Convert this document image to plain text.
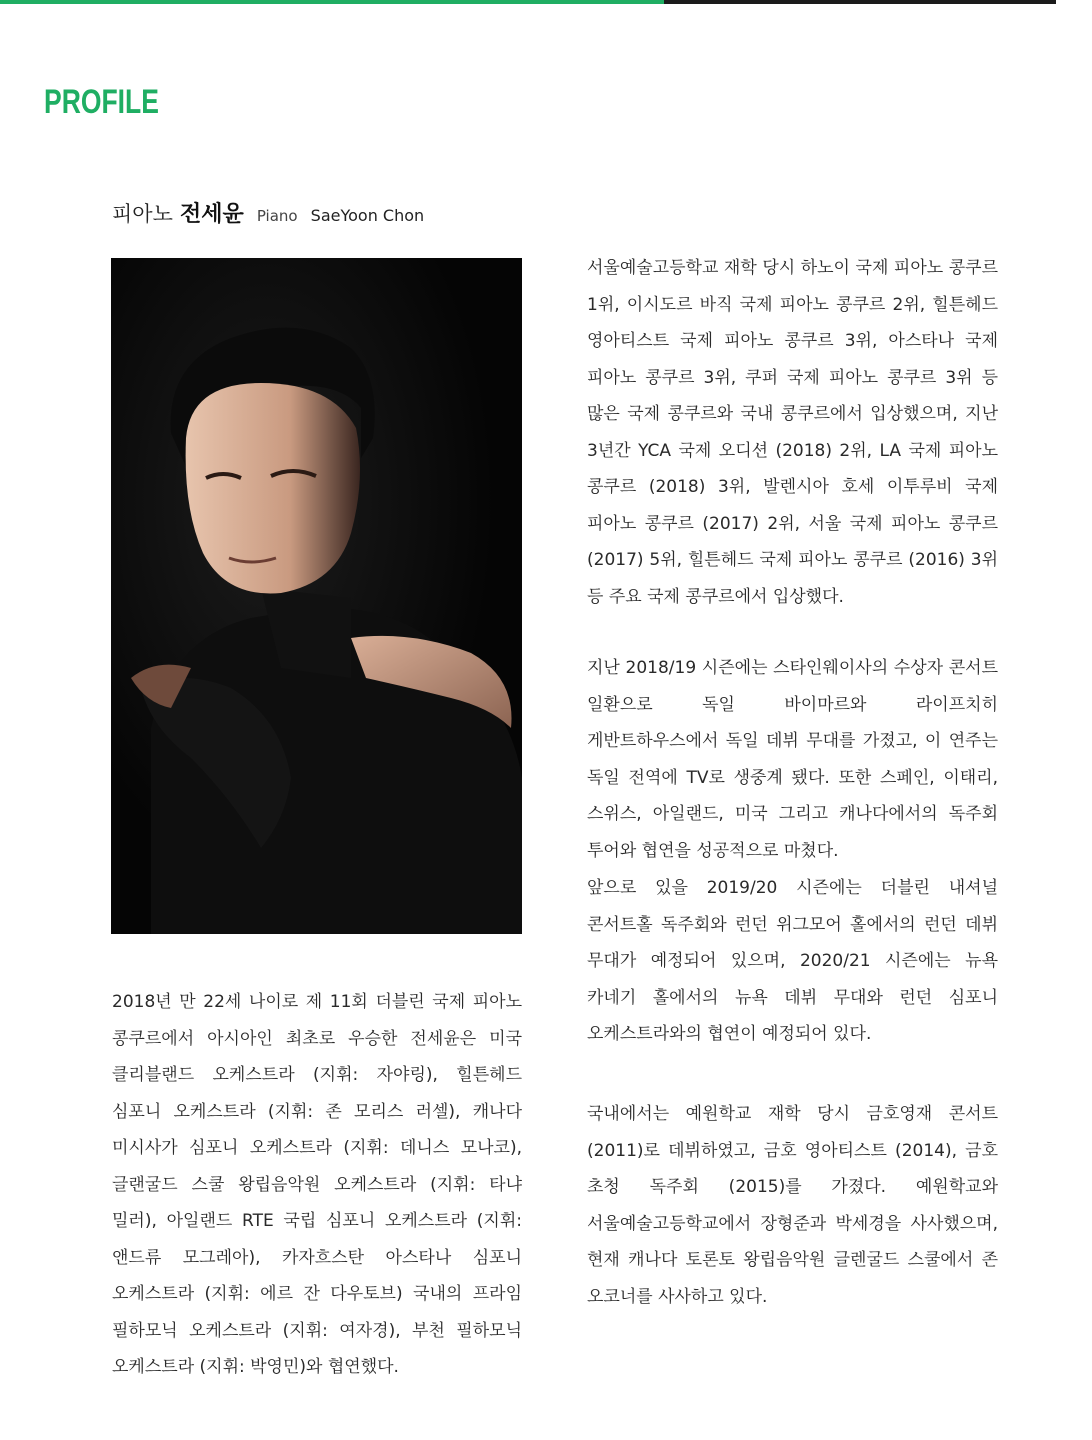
PROFILE
피아노 전세윤 Piano SaeYoon Chon

2018년 만 22세 나이로 제 11회 더블린 국제 피아노 콩쿠르에서 아시아인 최초로 우승한 전세윤은 미국 클리블랜드 오케스트라 (지휘: 자야링), 힐튼헤드 심포니 오케스트라 (지휘: 존 모리스 러셀), 캐나다 미시사가 심포니 오케스트라 (지휘: 데니스 모나코), 글랜굴드 스쿨 왕립음악원 오케스트라 (지휘: 타냐 밀러), 아일랜드 RTE 국립 심포니 오케스트라 (지휘: 앤드류 모그레아), 카자흐스탄 아스타나 심포니 오케스트라 (지휘: 에르 잔 다우토브) 국내의 프라임 필하모닉 오케스트라 (지휘: 여자경), 부천 필하모닉 오케스트라 (지휘: 박영민)와 협연했다.

서울예술고등학교 재학 당시 하노이 국제 피아노 콩쿠르 1위, 이시도르 바직 국제 피아노 콩쿠르 2위, 힐튼헤드 영아티스트 국제 피아노 콩쿠르 3위, 아스타나 국제 피아노 콩쿠르 3위, 쿠퍼 국제 피아노 콩쿠르 3위 등 많은 국제 콩쿠르와 국내 콩쿠르에서 입상했으며, 지난 3년간 YCA 국제 오디션 (2018) 2위, LA 국제 피아노 콩쿠르 (2018) 3위, 발렌시아 호세 이투루비 국제 피아노 콩쿠르 (2017) 2위, 서울 국제 피아노 콩쿠르 (2017) 5위, 힐튼헤드 국제 피아노 콩쿠르 (2016) 3위 등 주요 국제 콩쿠르에서 입상했다.

지난 2018/19 시즌에는 스타인웨이사의 수상자 콘서트 일환으로 독일 바이마르와 라이프치히 게반트하우스에서 독일 데뷔 무대를 가졌고, 이 연주는 독일 전역에 TV로 생중계 됐다. 또한 스페인, 이태리, 스위스, 아일랜드, 미국 그리고 캐나다에서의 독주회 투어와 협연을 성공적으로 마쳤다.

앞으로 있을 2019/20 시즌에는 더블린 내셔널 콘서트홀 독주회와 런던 위그모어 홀에서의 런던 데뷔 무대가 예정되어 있으며, 2020/21 시즌에는 뉴욕 카네기 홀에서의 뉴욕 데뷔 무대와 런던 심포니 오케스트라와의 협연이 예정되어 있다.

국내에서는 예원학교 재학 당시 금호영재 콘서트(2011)로 데뷔하였고, 금호 영아티스트 (2014), 금호 초청 독주회 (2015)를 가졌다. 예원학교와 서울예술고등학교에서 장형준과 박세경을 사사했으며, 현재 캐나다 토론토 왕립음악원 글렌굴드 스쿨에서 존 오코너를 사사하고 있다.
